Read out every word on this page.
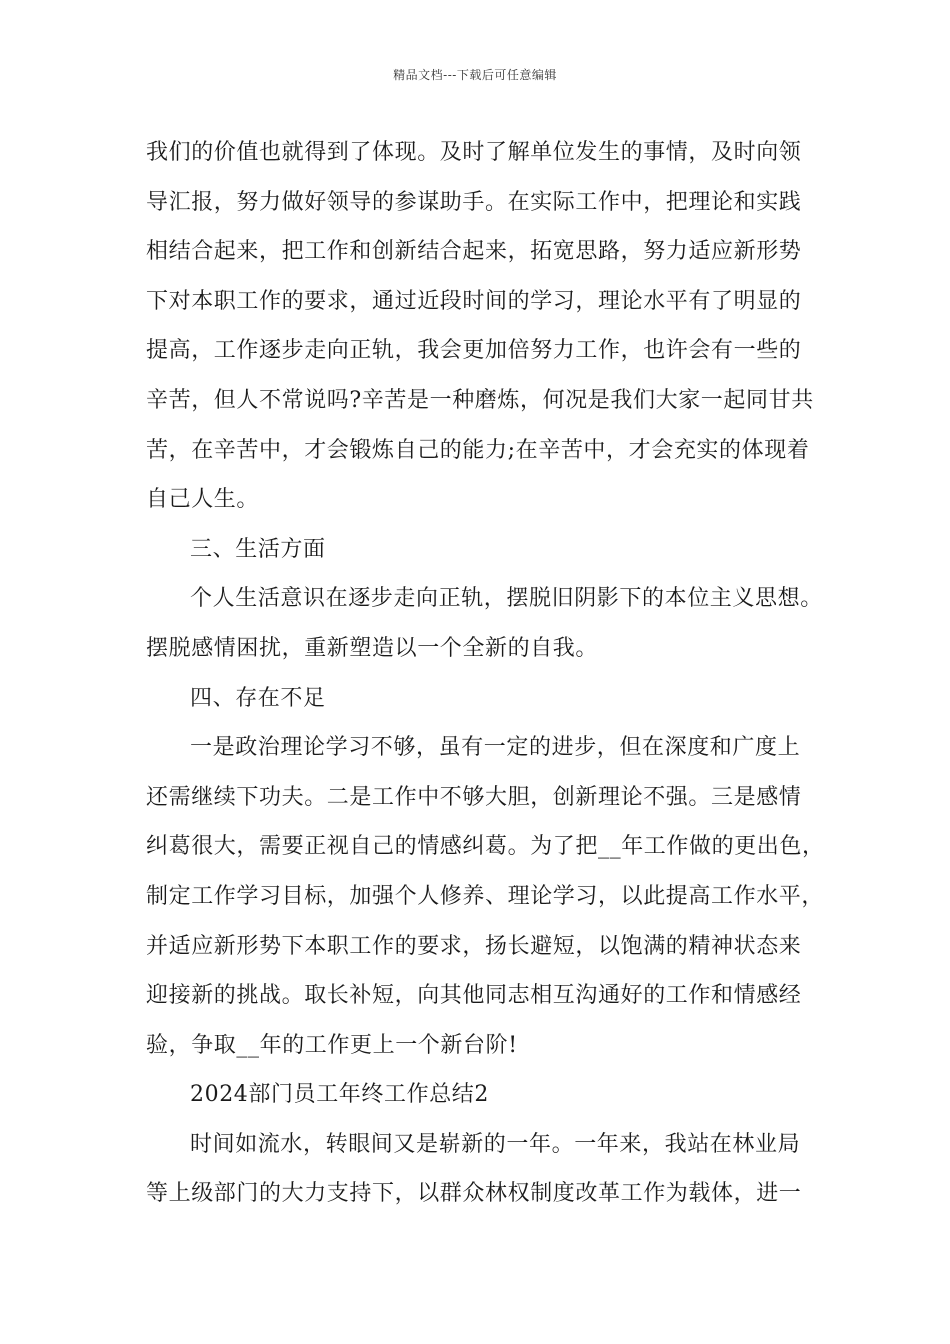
精品文档---下载后可任意编辑
我们的价值也就得到了体现。及时了解单位发生的事情，及时向领
导汇报，努力做好领导的参谋助手。在实际工作中，把理论和实践
相结合起来，把工作和创新结合起来，拓宽思路，努力适应新形势
下对本职工作的要求，通过近段时间的学习，理论水平有了明显的
提高，工作逐步走向正轨，我会更加倍努力工作，也许会有一些的
辛苦，但人不常说吗?辛苦是一种磨炼，何况是我们大家一起同甘共
苦，在辛苦中，才会锻炼自己的能力;在辛苦中，才会充实的体现着
自己人生。
三、生活方面
个人生活意识在逐步走向正轨，摆脱旧阴影下的本位主义思想。
摆脱感情困扰，重新塑造以一个全新的自我。
四、存在不足
一是政治理论学习不够，虽有一定的进步，但在深度和广度上
还需继续下功夫。二是工作中不够大胆，创新理论不强。三是感情
纠葛很大，需要正视自己的情感纠葛。为了把__年工作做的更出色，
制定工作学习目标，加强个人修养、理论学习，以此提高工作水平，
并适应新形势下本职工作的要求，扬长避短，以饱满的精神状态来
迎接新的挑战。取长补短，向其他同志相互沟通好的工作和情感经
验，争取__年的工作更上一个新台阶!
2024部门员工年终工作总结2
时间如流水，转眼间又是崭新的一年。一年来，我站在林业局
等上级部门的大力支持下，以群众林权制度改革工作为载体，进一
